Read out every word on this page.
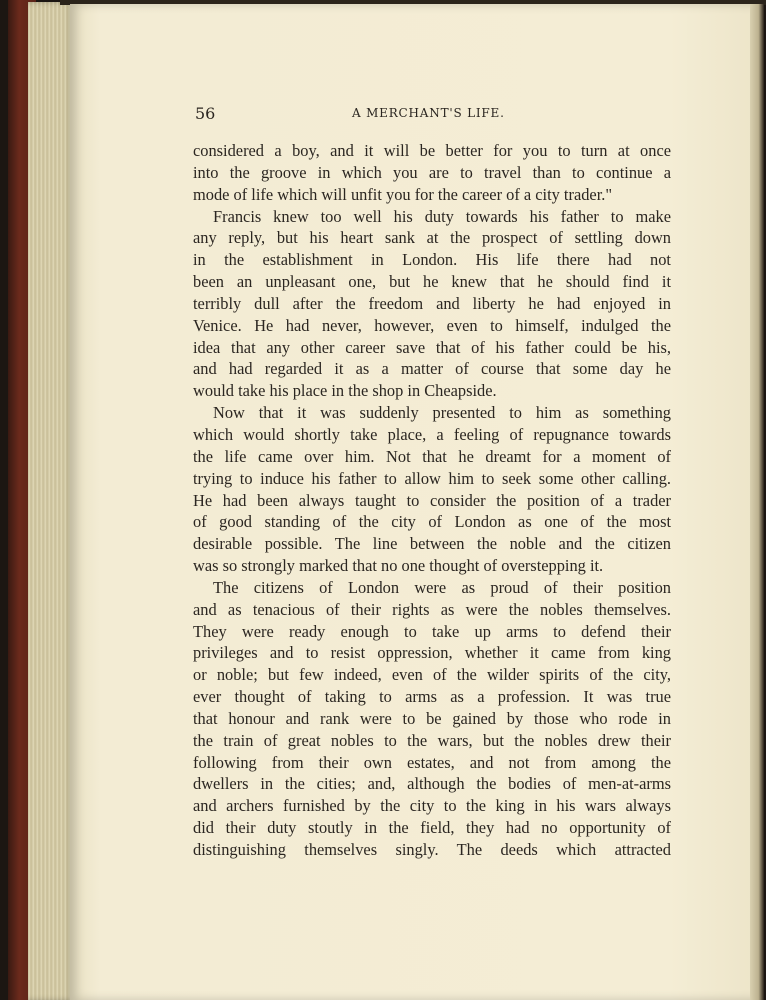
56	A MERCHANT'S LIFE.
considered a boy, and it will be better for you to turn at once
into the groove in which you are to travel than to continue a
mode of life which will unfit you for the career of a city trader."
Francis knew too well his duty towards his father to make
any reply, but his heart sank at the prospect of settling down
in the establishment in London. His life there had not
been an unpleasant one, but he knew that he should find it
terribly dull after the freedom and liberty he had enjoyed in
Venice. He had never, however, even to himself, indulged the
idea that any other career save that of his father could be his,
and had regarded it as a matter of course that some day he
would take his place in the shop in Cheapside.
Now that it was suddenly presented to him as something
which would shortly take place, a feeling of repugnance towards
the life came over him. Not that he dreamt for a moment of
trying to induce his father to allow him to seek some other calling.
He had been always taught to consider the position of a trader
of good standing of the city of London as one of the most
desirable possible. The line between the noble and the citizen
was so strongly marked that no one thought of overstepping it.
The citizens of London were as proud of their position
and as tenacious of their rights as were the nobles themselves.
They were ready enough to take up arms to defend their
privileges and to resist oppression, whether it came from king
or noble; but few indeed, even of the wilder spirits of the city,
ever thought of taking to arms as a profession. It was true
that honour and rank were to be gained by those who rode in
the train of great nobles to the wars, but the nobles drew their
following from their own estates, and not from among the
dwellers in the cities; and, although the bodies of men-at-arms
and archers furnished by the city to the king in his wars always
did their duty stoutly in the field, they had no opportunity of
distinguishing themselves singly. The deeds which attracted
